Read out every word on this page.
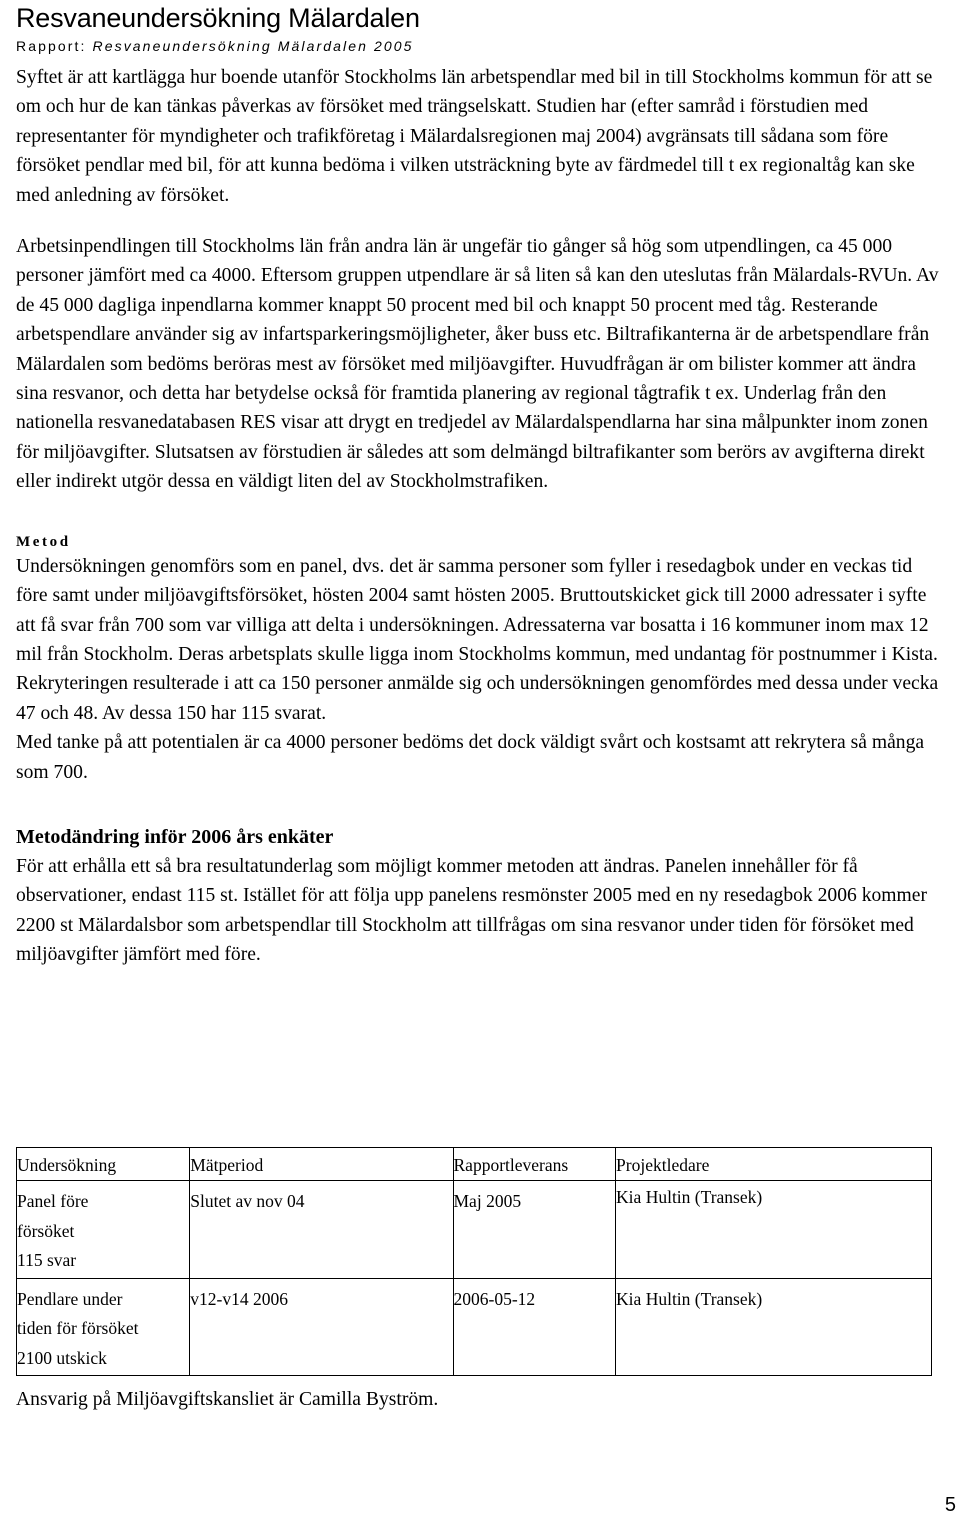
Resvaneundersökning Mälardalen
Rapport: Resvaneundersökning Mälardalen 2005

Syftet är att kartlägga hur boende utanför Stockholms län arbetspendlar med bil in till Stockholms kommun för att se om och hur de kan tänkas påverkas av försöket med trängselskatt. Studien har (efter samråd i förstudien med representanter för myndigheter och trafikföretag i Mälardalsregionen maj 2004) avgränsats till sådana som före försöket pendlar med bil, för att kunna bedöma i vilken utsträckning byte av färdmedel till t ex regionaltåg kan ske med anledning av försöket.

Arbetsinpendlingen till Stockholms län från andra län är ungefär tio gånger så hög som utpendlingen, ca 45 000 personer jämfört med ca 4000. Eftersom gruppen utpendlare är så liten så kan den uteslutas från Mälardals-RVUn. Av de 45 000 dagliga inpendlarna kommer knappt 50 procent med bil och knappt 50 procent med tåg. Resterande arbetspendlare använder sig av infartsparkeringsmöjligheter, åker buss etc. Biltrafikanterna är de arbetspendlare från Mälardalen som bedöms beröras mest av försöket med miljöavgifter. Huvudfrågan är om bilister kommer att ändra sina resvanor, och detta har betydelse också för framtida planering av regional tågtrafik t ex. Underlag från den nationella resvanedatabasen RES visar att drygt en tredjedel av Mälardalspendlarna har sina målpunkter inom zonen för miljöavgifter. Slutsatsen av förstudien är således att som delmängd biltrafikanter som berörs av avgifterna direkt eller indirekt utgör dessa en väldigt liten del av Stockholmstrafiken.

Metod

Undersökningen genomförs som en panel, dvs. det är samma personer som fyller i resedagbok under en veckas tid före samt under miljöavgiftsförsöket, hösten 2004 samt hösten 2005. Bruttoutskicket gick till 2000 adressater i syfte att få svar från 700 som var villiga att delta i undersökningen. Adressaterna var bosatta i 16 kommuner inom max 12 mil från Stockholm. Deras arbetsplats skulle ligga inom Stockholms kommun, med undantag för postnummer i Kista. Rekryteringen resulterade i att ca 150 personer anmälde sig och undersökningen genomfördes med dessa under vecka 47 och 48. Av dessa 150 har 115 svarat.

Med tanke på att potentialen är ca 4000 personer bedöms det dock väldigt svårt och kostsamt att rekrytera så många som 700.

Metodändring inför 2006 års enkäter

För att erhålla ett så bra resultatunderlag som möjligt kommer metoden att ändras. Panelen innehåller för få observationer, endast 115 st. Istället för att följa upp panelens resmönster 2005 med en ny resedagbok 2006 kommer 2200 st Mälardalsbor som arbetspendlar till Stockholm att tillfrågas om sina resvanor under tiden för försöket med miljöavgifter jämfört med före.

Undersökning	Mätperiod	Rapportleverans	Projektledare

Panel före
försöket
115 svar	Slutet av nov 04	Maj 2005	Kia Hultin (Transek)

Pendlare under
tiden för försöket
2100 utskick	v12-v14 2006	2006-05-12	Kia Hultin (Transek)

Ansvarig på Miljöavgiftskansliet är Camilla Byström.

5
